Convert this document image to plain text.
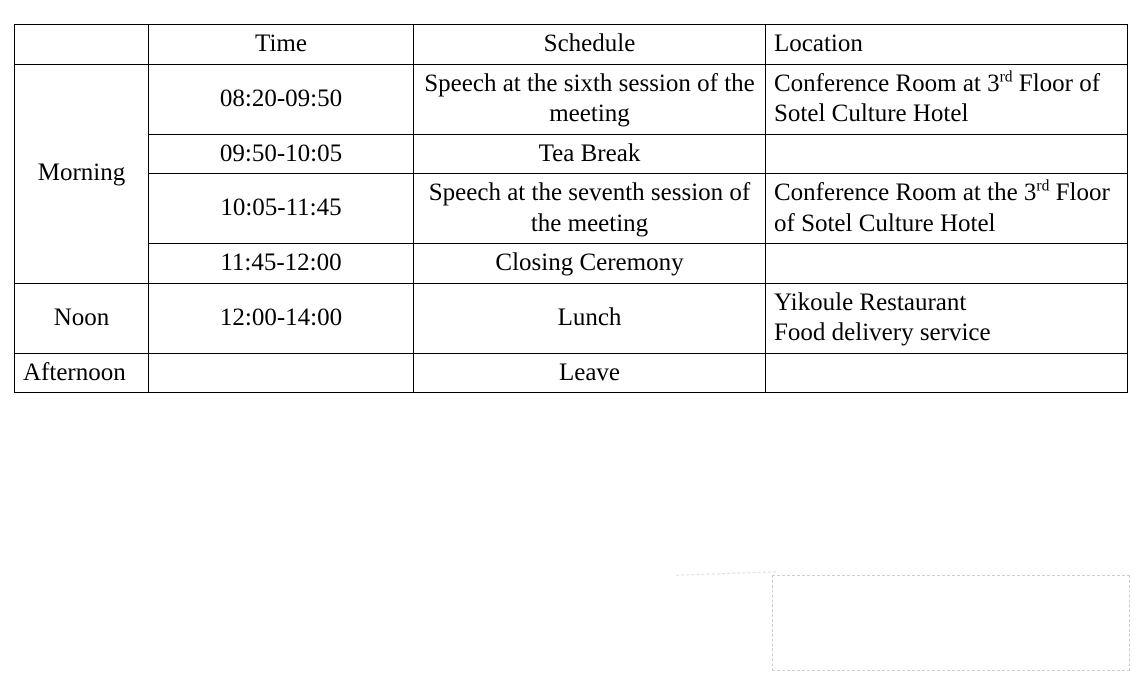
	Time	Schedule	Location
Morning	08:20-09:50	Speech at the sixth session of the meeting	Conference Room at 3rd Floor of Sotel Culture Hotel
	09:50-10:05	Tea Break	
	10:05-11:45	Speech at the seventh session of the meeting	Conference Room at the 3rd Floor of Sotel Culture Hotel
	11:45-12:00	Closing Ceremony	
Noon	12:00-14:00	Lunch	Yikoule Restaurant
Food delivery service

Afternoon		Leave	
